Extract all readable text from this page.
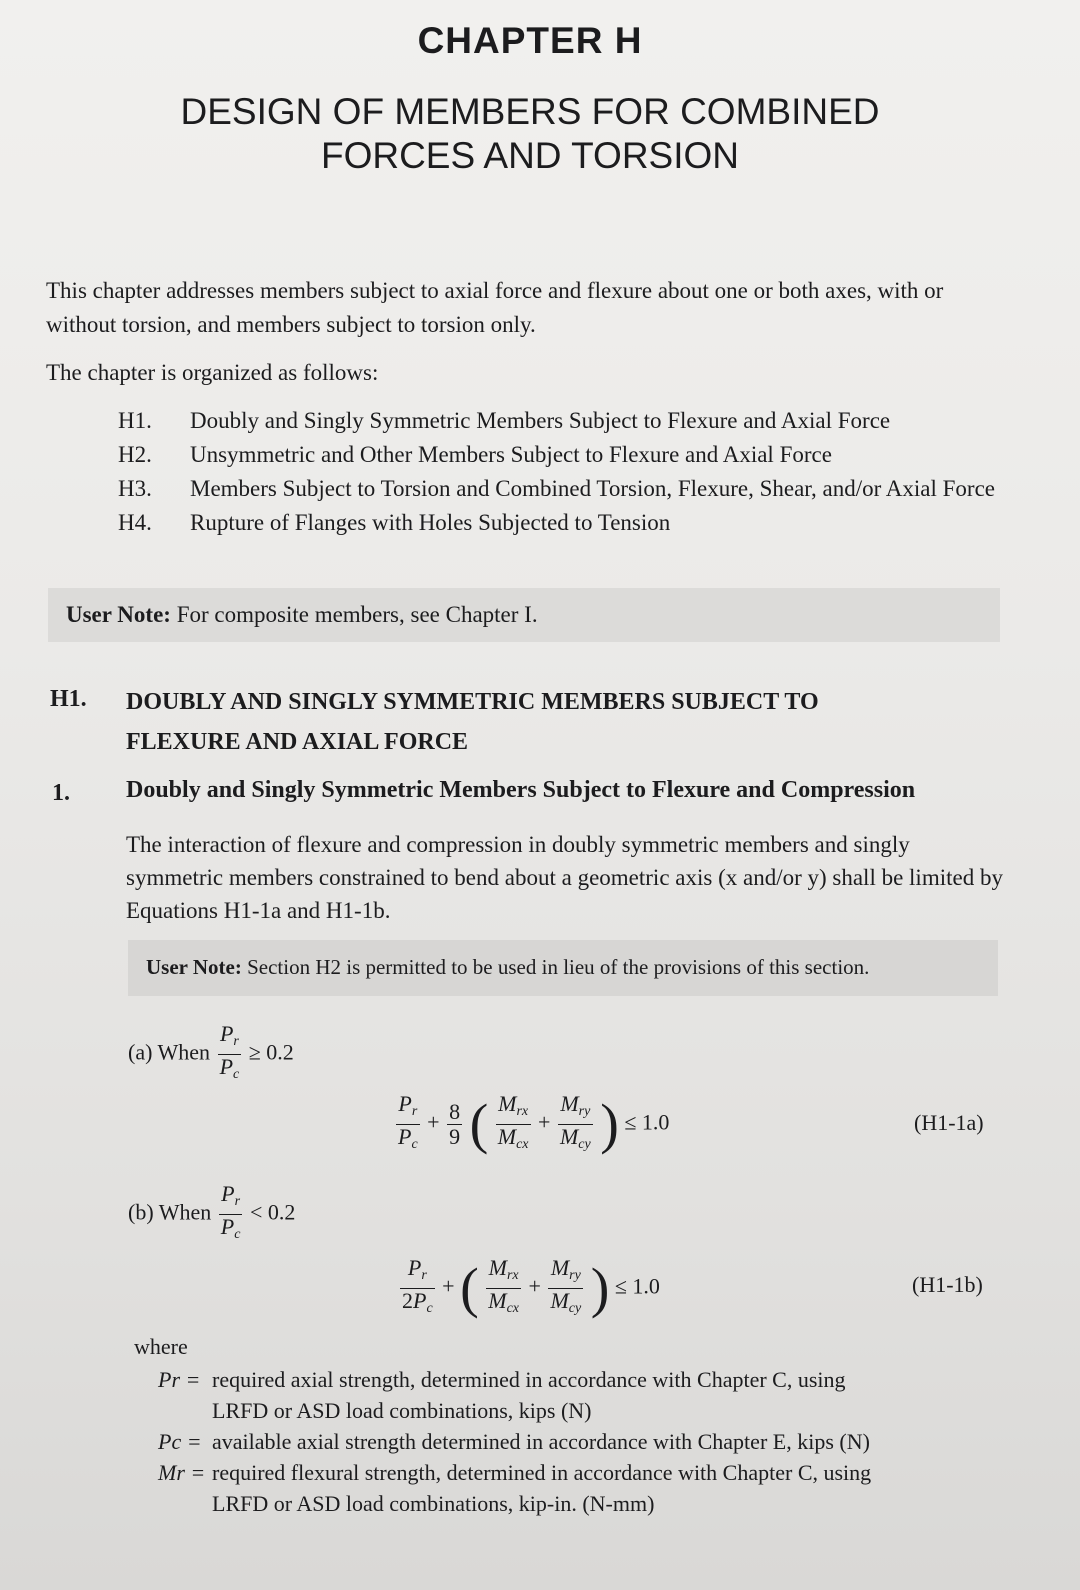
CHAPTER H
DESIGN OF MEMBERS FOR COMBINED
FORCES AND TORSION
This chapter addresses members subject to axial force and flexure about one or both axes, with or without torsion, and members subject to torsion only.
The chapter is organized as follows:
H1.	Doubly and Singly Symmetric Members Subject to Flexure and Axial Force
H2.	Unsymmetric and Other Members Subject to Flexure and Axial Force
H3.	Members Subject to Torsion and Combined Torsion, Flexure, Shear, and/or Axial Force
H4.	Rupture of Flanges with Holes Subjected to Tension
User Note: For composite members, see Chapter I.
H1. DOUBLY AND SINGLY SYMMETRIC MEMBERS SUBJECT TO
FLEXURE AND AXIAL FORCE
1. Doubly and Singly Symmetric Members Subject to Flexure and Compression
The interaction of flexure and compression in doubly symmetric members and singly symmetric members constrained to bend about a geometric axis (x and/or y) shall be limited by Equations H1-1a and H1-1b.
User Note: Section H2 is permitted to be used in lieu of the provisions of this section.
(a) When $\frac{P_r}{P_c} \ge 0.2$
$\frac{P_r}{P_c} + \frac{8}{9}$ ( $\frac{M_{rx}}{M_{cx}} + \frac{M_{ry}}{M_{cy}}$ ) ≤ 1.0	(H1-1a)
(b) When $\frac{P_r}{P_c} < 0.2$
$\frac{P_r}{2P_c}$ + ( $\frac{M_{rx}}{M_{cx}} + \frac{M_{ry}}{M_{cy}}$ ) ≤ 1.0	(H1-1b)
where
Pr = required axial strength, determined in accordance with Chapter C, using
LRFD or ASD load combinations, kips (N)
Pc = available axial strength determined in accordance with Chapter E, kips (N)
Mr = required flexural strength, determined in accordance with Chapter C, using
LRFD or ASD load combinations, kip-in. (N-mm)
